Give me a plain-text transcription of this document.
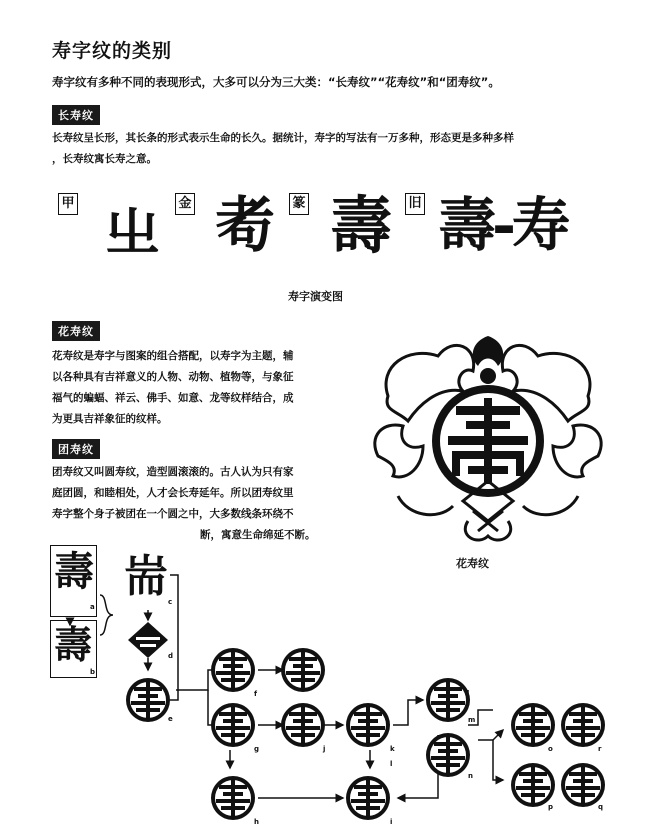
寿字纹的类别
寿字纹有多种不同的表现形式，大多可以分为三大类：“长寿纹”“花寿纹”和“团寿纹”。
长寿纹
长寿纹呈长形，其长条的形式表示生命的长久。据统计，寿字的写法有一万多种，形态更是多种多样
，长寿纹寓长寿之意。
甲	金	篆	旧
㞢 耇 壽 壽-寿
寿字演变图
花寿纹
花寿纹是寿字与图案的组合搭配，以寿字为主题，辅
以各种具有吉祥意义的人物、动物、植物等，与象征
福气的蝙蝠、祥云、佛手、如意、龙等纹样结合，成
为更具吉祥象征的纹样。
花寿纹
团寿纹
团寿纹又叫圆寿纹，造型圆滚滚的。古人认为只有家
庭团圆，和睦相处，人才会长寿延年。所以团寿纹里
寿字整个身子被团在一个圆之中，大多数线条环绕不
断，寓意生命绵延不断。
壽
壽
耑
a
b
c
d
e
f
g
h	i
j	k
l
m
n
o
p	q
r
